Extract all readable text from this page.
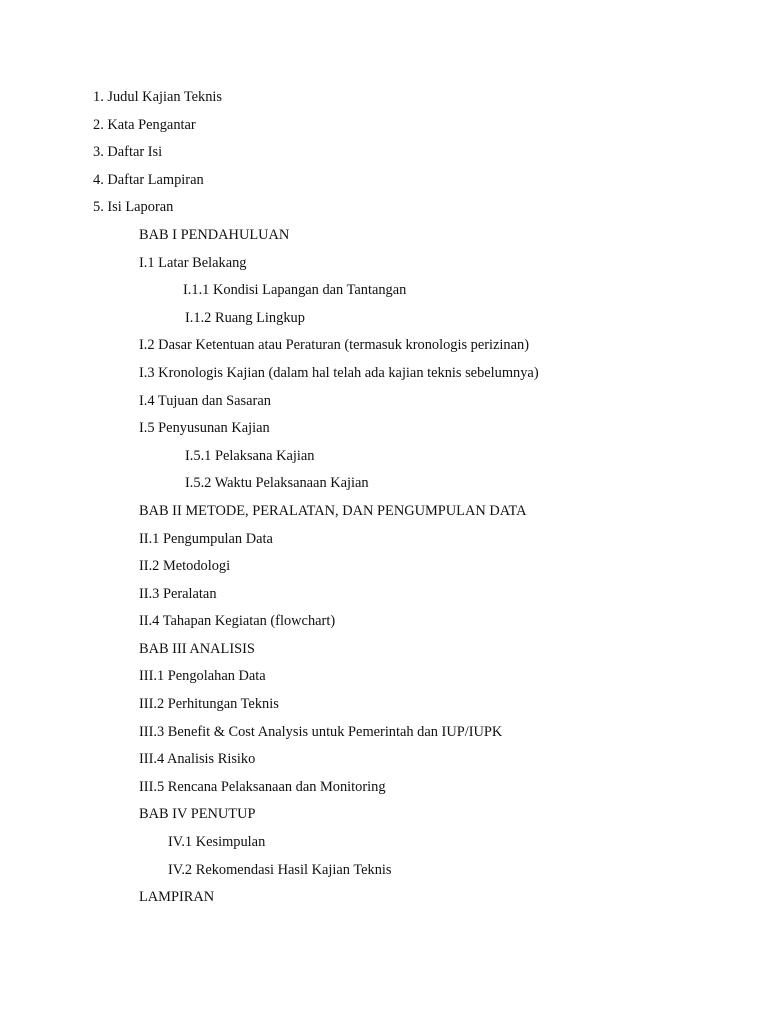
1. Judul Kajian Teknis
2. Kata Pengantar
3. Daftar Isi
4. Daftar Lampiran
5. Isi Laporan
BAB I PENDAHULUAN
I.1 Latar Belakang
I.1.1 Kondisi Lapangan dan Tantangan
I.1.2 Ruang Lingkup
I.2 Dasar Ketentuan atau Peraturan (termasuk kronologis perizinan)
I.3 Kronologis Kajian (dalam hal telah ada kajian teknis sebelumnya)
I.4 Tujuan dan Sasaran
I.5 Penyusunan Kajian
I.5.1 Pelaksana Kajian
I.5.2 Waktu Pelaksanaan Kajian
BAB II METODE, PERALATAN, DAN PENGUMPULAN DATA
II.1 Pengumpulan Data
II.2 Metodologi
II.3 Peralatan
II.4 Tahapan Kegiatan (flowchart)
BAB III ANALISIS
III.1 Pengolahan Data
III.2 Perhitungan Teknis
III.3 Benefit & Cost Analysis untuk Pemerintah dan IUP/IUPK
III.4 Analisis Risiko
III.5 Rencana Pelaksanaan dan Monitoring
BAB IV PENUTUP
IV.1 Kesimpulan
IV.2 Rekomendasi Hasil Kajian Teknis
LAMPIRAN
